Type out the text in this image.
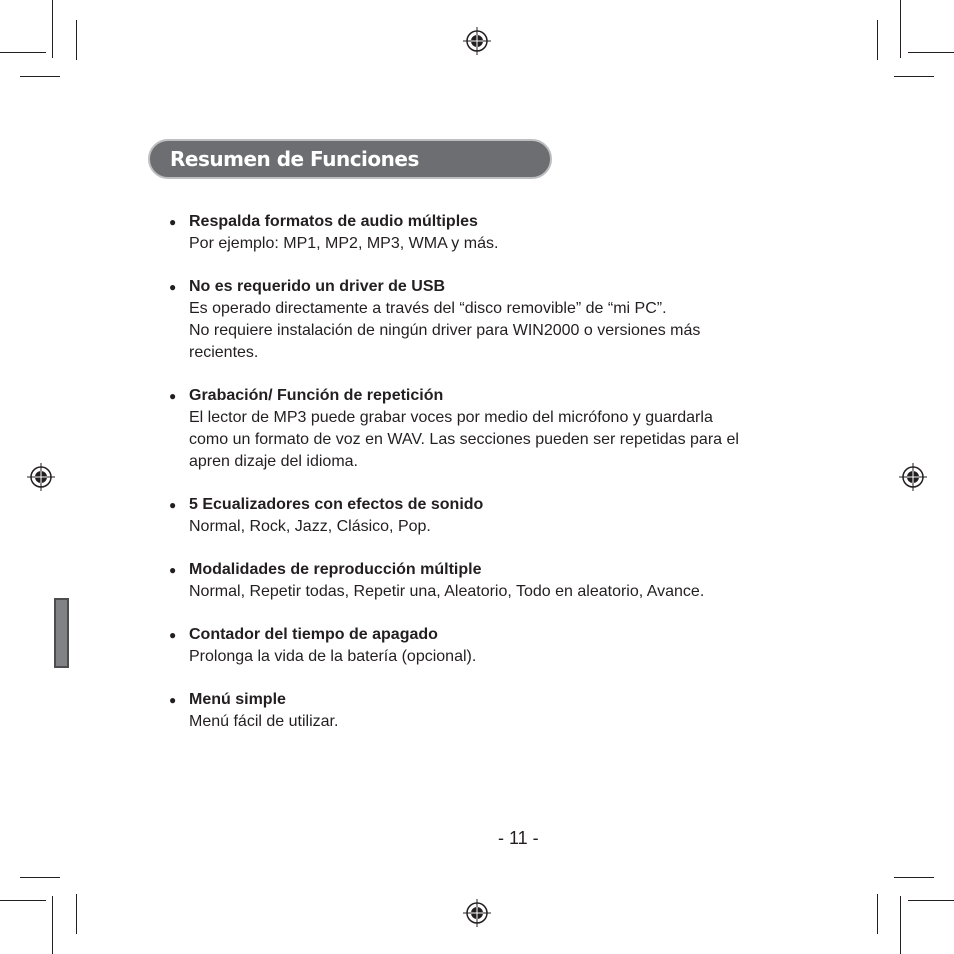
Resumen de Funciones
● Respalda formatos de audio múltiples
Por ejemplo: MP1, MP2, MP3, WMA y más.
● No es requerido un driver de USB
Es operado directamente a través del “disco removible” de “mi PC”.
No requiere instalación de ningún driver para WIN2000 o versiones más
recientes.
● Grabación/ Función de repetición
El lector de MP3 puede grabar voces por medio del micrófono y guardarla
como un formato de voz en WAV. Las secciones pueden ser repetidas para el
apren dizaje del idioma.
● 5 Ecualizadores con efectos de sonido
Normal, Rock, Jazz, Clásico, Pop.
● Modalidades de reproducción múltiple
Normal, Repetir todas, Repetir una, Aleatorio, Todo en aleatorio, Avance.
● Contador del tiempo de apagado
Prolonga la vida de la batería (opcional).
● Menú simple
Menú fácil de utilizar.
- 11 -
